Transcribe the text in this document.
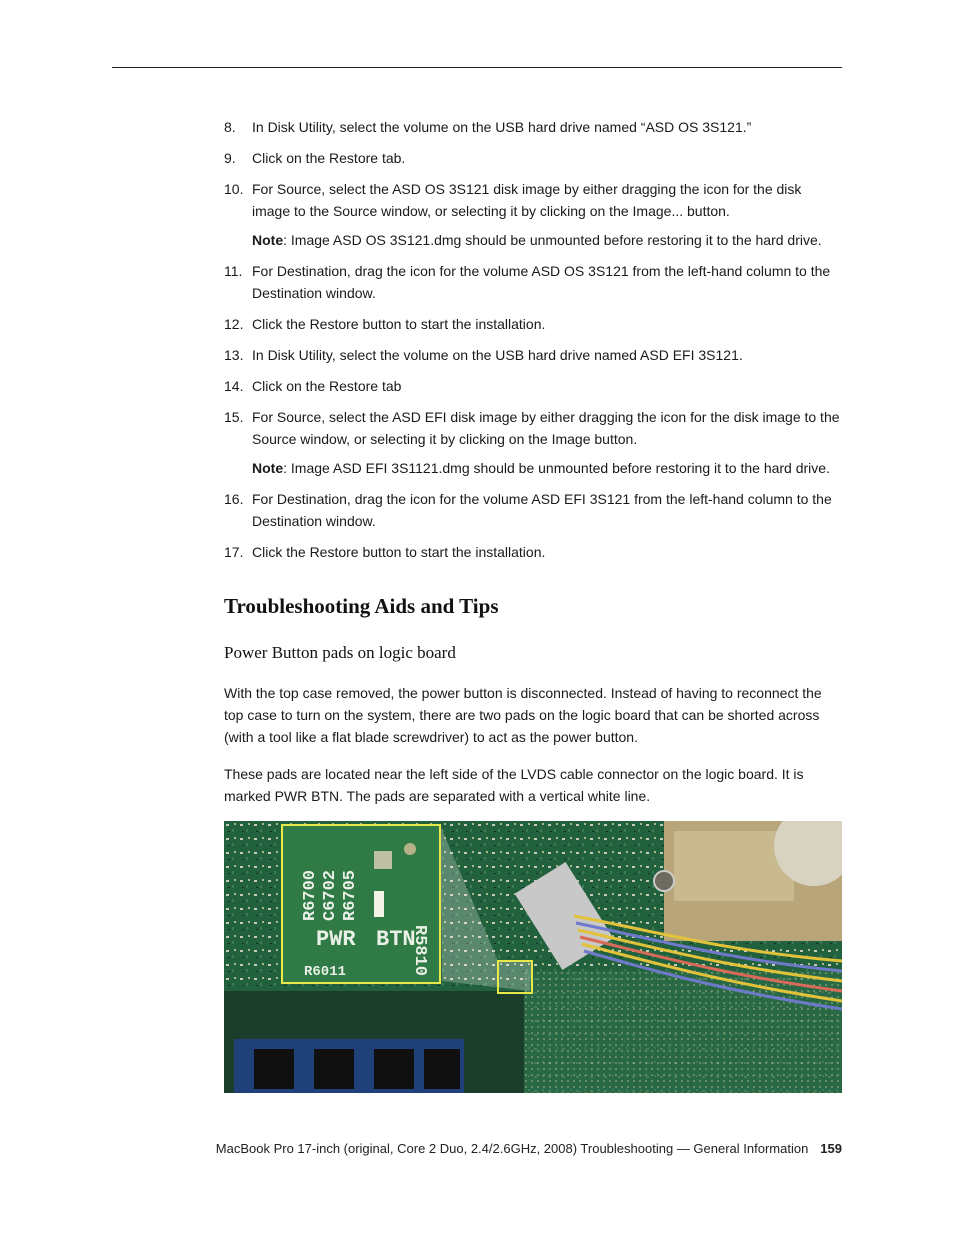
8. In Disk Utility, select the volume on the USB hard drive named “ASD OS 3S121.”
9. Click on the Restore tab.
10. For Source, select the ASD OS 3S121 disk image by either dragging the icon for the disk image to the Source window, or selecting it by clicking on the Image... button.
Note: Image ASD OS 3S121.dmg should be unmounted before restoring it to the hard drive.
11. For Destination, drag the icon for the volume ASD OS 3S121 from the left-hand column to the Destination window.
12. Click the Restore button to start the installation.
13. In Disk Utility, select the volume on the USB hard drive named ASD EFI 3S121.
14. Click on the Restore tab
15. For Source, select the ASD EFI disk image by either dragging the icon for the disk image to the Source window, or selecting it by clicking on the Image button.
Note: Image ASD EFI 3S1121.dmg should be unmounted before restoring it to the hard drive.
16. For Destination, drag the icon for the volume ASD EFI 3S121 from the left-hand column to the Destination window.
17. Click the Restore button to start the installation.
Troubleshooting Aids and Tips
Power Button pads on logic board

With the top case removed, the power button is disconnected. Instead of having to reconnect the top case to turn on the system, there are two pads on the logic board that can be shorted across (with a tool like a flat blade screwdriver) to act as the power button.

These pads are located near the left side of the LVDS cable connector on the logic board. It is marked PWR BTN. The pads are separated with a vertical white line.

R6700 C6702 R6705
R5810
PWR BTN
R6011
MacBook Pro 17-inch (original, Core 2 Duo, 2.4/2.6GHz, 2008) Troubleshooting — General Information 159
